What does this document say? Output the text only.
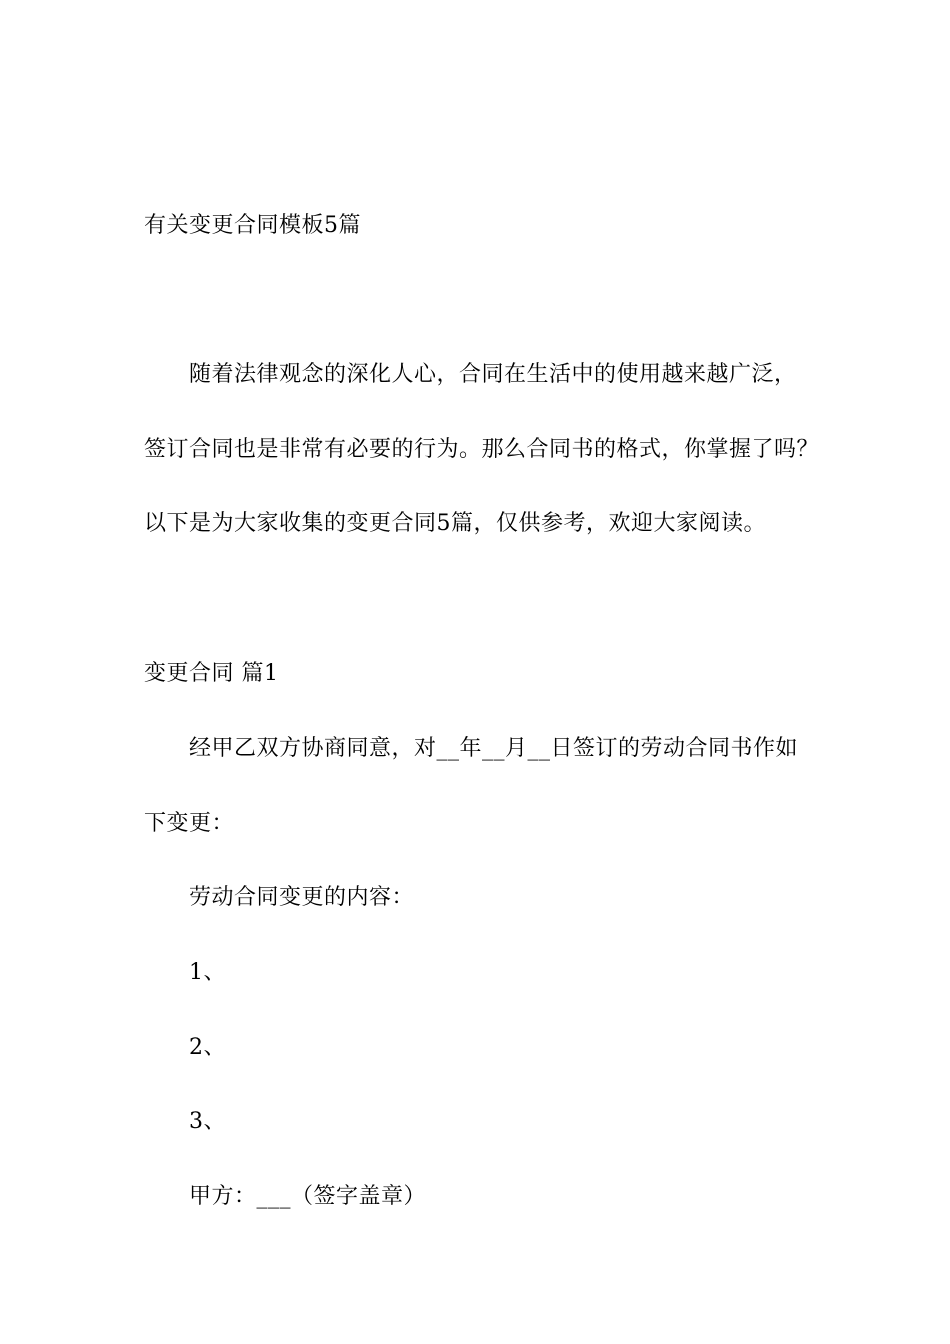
有关变更合同模板5篇
随着法律观念的深化人心，合同在生活中的使用越来越广泛，
签订合同也是非常有必要的行为。那么合同书的格式，你掌握了吗？
以下是为大家收集的变更合同5篇，仅供参考，欢迎大家阅读。
变更合同 篇1
经甲乙双方协商同意，对__年__月__日签订的劳动合同书作如
下变更：
劳动合同变更的内容：
1、
2、
3、
甲方：___（签字盖章）
